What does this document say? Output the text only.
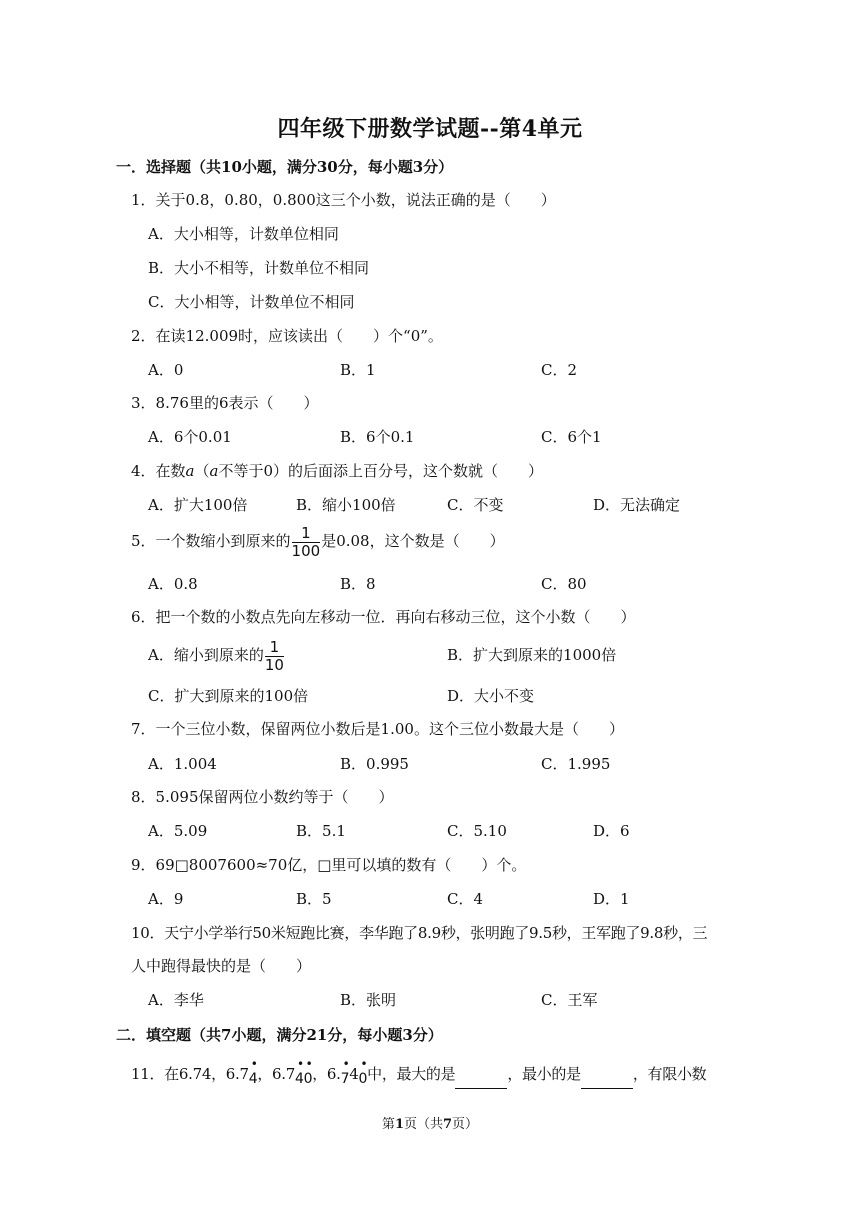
四年级下册数学试题--第4单元
一．选择题（共10小题，满分30分，每小题3分）
1．关于0.8，0.80，0.800这三个小数，说法正确的是（　　）
A．大小相等，计数单位相同
B．大小不相等，计数单位不相同
C．大小相等，计数单位不相同
2．在读12.009时，应该读出（　　）个“0”。
A．0	B．1	C．2
3．8.76里的6表示（　　）
A．6个0.01	B．6个0.1	C．6个1
4．在数a（a不等于0）的后面添上百分号，这个数就（　　）
A．扩大100倍	B．缩小100倍	C．不变	D．无法确定
5．一个数缩小到原来的 $\frac{1}{100}$ 是0.08，这个数是（　　）
A．0.8	B．8	C．80
6．把一个数的小数点先向左移动一位．再向右移动三位，这个小数（　　）
A．缩小到原来的 $\frac{1}{10}$	B．扩大到原来的1000倍
C．扩大到原来的100倍	D．大小不变
7．一个三位小数，保留两位小数后是1.00。这个三位小数最大是（　　）
A．1.004	B．0.995	C．1.995
8．5.095保留两位小数约等于（　　）
A．5.09	B．5.1	C．5.10	D．6
9．69□8007600≈70亿，□里可以填的数有（　　）个。
A．9	B．5	C．4	D．1
10．天宁小学举行50米短跑比赛，李华跑了8.9秒，张明跑了9.5秒，王军跑了9.8秒，三
人中跑得最快的是（　　）
A．李华	B．张明	C．王军
二．填空题（共7小题，满分21分，每小题3分）
11．在6.74，6.7
•
4，6.7
•
4
•
0，6.
•
74
•
0中，最大的是	，最小的是	，有限小数
第1页（共7页）
